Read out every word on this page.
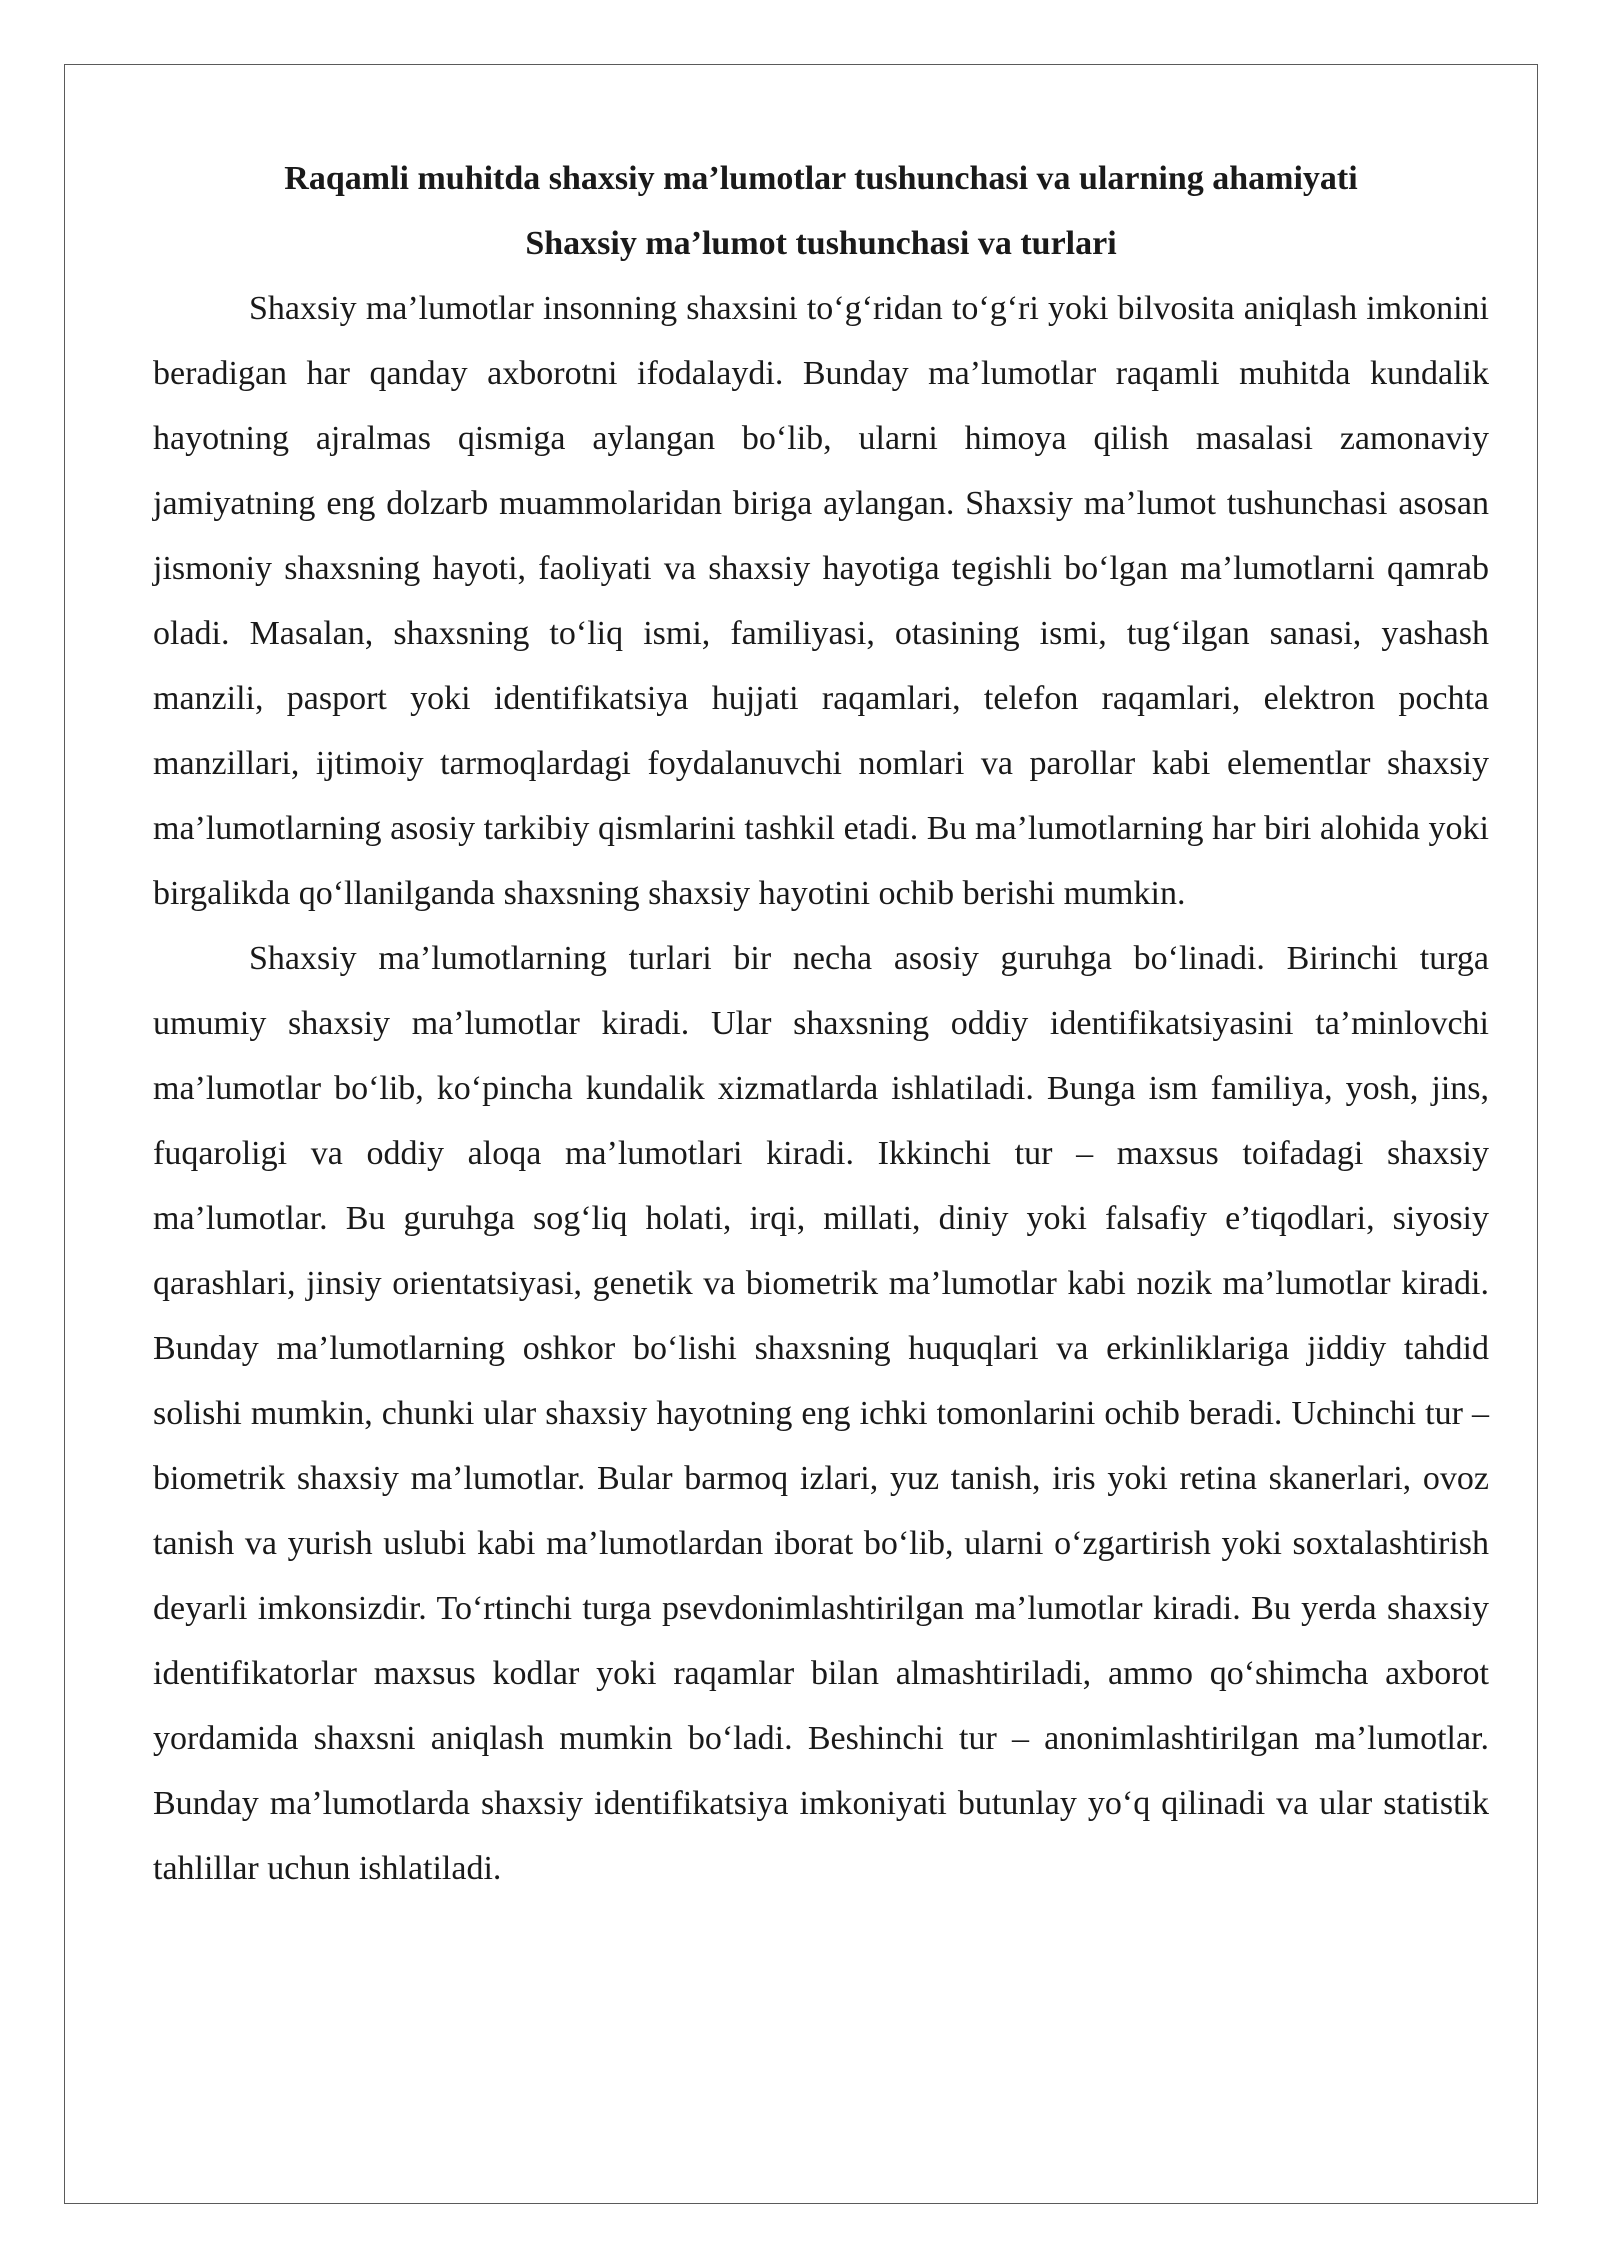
Raqamli muhitda shaxsiy ma’lumotlar tushunchasi va ularning ahamiyati
Shaxsiy ma’lumot tushunchasi va turlari

Shaxsiy ma’lumotlar insonning shaxsini to‘g‘ridan to‘g‘ri yoki bilvosita aniqlash imkonini beradigan har qanday axborotni ifodalaydi. Bunday ma’lumotlar raqamli muhitda kundalik hayotning ajralmas qismiga aylangan bo‘lib, ularni himoya qilish masalasi zamonaviy jamiyatning eng dolzarb muammolaridan biriga aylangan. Shaxsiy ma’lumot tushunchasi asosan jismoniy shaxsning hayoti, faoliyati va shaxsiy hayotiga tegishli bo‘lgan ma’lumotlarni qamrab oladi. Masalan, shaxsning to‘liq ismi, familiyasi, otasining ismi, tug‘ilgan sanasi, yashash manzili, pasport yoki identifikatsiya hujjati raqamlari, telefon raqamlari, elektron pochta manzillari, ijtimoiy tarmoqlardagi foydalanuvchi nomlari va parollar kabi elementlar shaxsiy ma’lumotlarning asosiy tarkibiy qismlarini tashkil etadi. Bu ma’lumotlarning har biri alohida yoki birgalikda qo‘llanilganda shaxsning shaxsiy hayotini ochib berishi mumkin.

Shaxsiy ma’lumotlarning turlari bir necha asosiy guruhga bo‘linadi. Birinchi turga umumiy shaxsiy ma’lumotlar kiradi. Ular shaxsning oddiy identifikatsiyasini ta’minlovchi ma’lumotlar bo‘lib, ko‘pincha kundalik xizmatlarda ishlatiladi. Bunga ism familiya, yosh, jins, fuqaroligi va oddiy aloqa ma’lumotlari kiradi. Ikkinchi tur – maxsus toifadagi shaxsiy ma’lumotlar. Bu guruhga sog‘liq holati, irqi, millati, diniy yoki falsafiy e’tiqodlari, siyosiy qarashlari, jinsiy orientatsiyasi, genetik va biometrik ma’lumotlar kabi nozik ma’lumotlar kiradi. Bunday ma’lumotlarning oshkor bo‘lishi shaxsning huquqlari va erkinliklariga jiddiy tahdid solishi mumkin, chunki ular shaxsiy hayotning eng ichki tomonlarini ochib beradi. Uchinchi tur – biometrik shaxsiy ma’lumotlar. Bular barmoq izlari, yuz tanish, iris yoki retina skanerlari, ovoz tanish va yurish uslubi kabi ma’lumotlardan iborat bo‘lib, ularni o‘zgartirish yoki soxtalashtirish deyarli imkonsizdir. To‘rtinchi turga psevdonimlashtirilgan ma’lumotlar kiradi. Bu yerda shaxsiy identifikatorlar maxsus kodlar yoki raqamlar bilan almashtiriladi, ammo qo‘shimcha axborot yordamida shaxsni aniqlash mumkin bo‘ladi. Beshinchi tur – anonimlashtirilgan ma’lumotlar. Bunday ma’lumotlarda shaxsiy identifikatsiya imkoniyati butunlay yo‘q qilinadi va ular statistik tahlillar uchun ishlatiladi.
